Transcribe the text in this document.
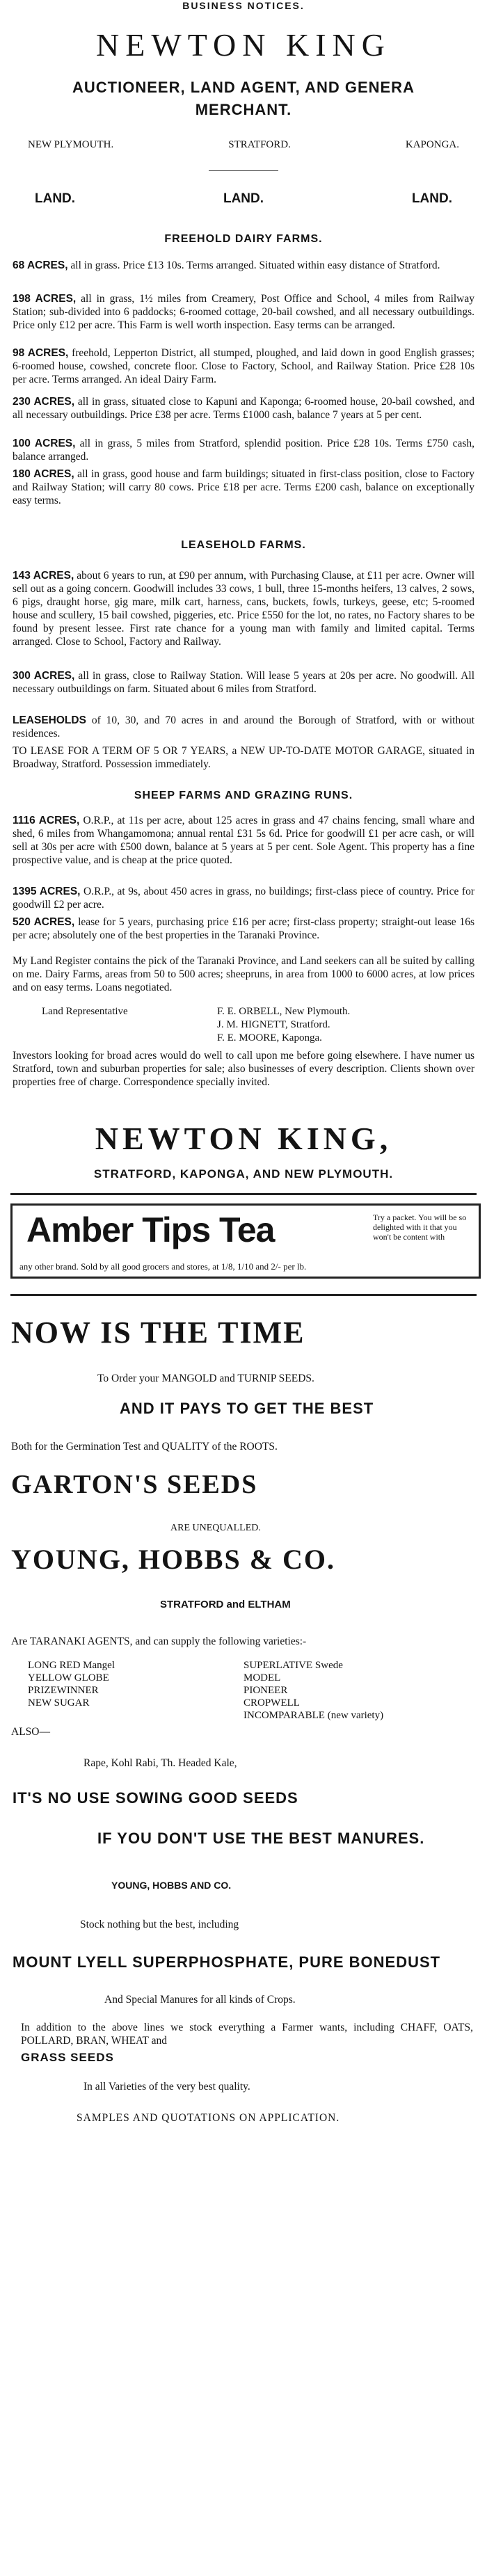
BUSINESS NOTICES.
NEWTON KING
AUCTIONEER, LAND AGENT, AND GENERA
MERCHANT.
NEW PLYMOUTH.	STRATFORD.	KAPONGA.
LAND.	LAND.	LAND.
FREEHOLD DAIRY FARMS.
68 ACRES, all in grass. Price £13 10s. Terms arranged. Situated within easy distance of Stratford.
198 ACRES, all in grass, 1½ miles from Creamery, Post Office and School, 4 miles from Railway Station; sub-divided into 6 paddocks; 6-roomed cottage, 20-bail cowshed, and all necessary outbuildings. Price only £12 per acre. This Farm is well worth inspection. Easy terms can be arranged.
98 ACRES, freehold, Lepperton District, all stumped, ploughed, and laid down in good English grasses; 6-roomed house, cowshed, concrete floor. Close to Factory, School, and Railway Station. Price £28 10s per acre. Terms arranged. An ideal Dairy Farm.
230 ACRES, all in grass, situated close to Kapuni and Kaponga; 6-roomed house, 20-bail cowshed, and all necessary outbuildings. Price £38 per acre. Terms £1000 cash, balance 7 years at 5 per cent.
100 ACRES, all in grass, 5 miles from Stratford, splendid position. Price £28 10s. Terms £750 cash, balance arranged.
180 ACRES, all in grass, good house and farm buildings; situated in first-class position, close to Factory and Railway Station; will carry 80 cows. Price £18 per acre. Terms £200 cash, balance on exceptionally easy terms.
LEASEHOLD FARMS.
143 ACRES, about 6 years to run, at £90 per annum, with Purchasing Clause, at £11 per acre. Owner will sell out as a going concern. Goodwill includes 33 cows, 1 bull, three 15-months heifers, 13 calves, 2 sows, 6 pigs, draught horse, gig mare, milk cart, harness, cans, buckets, fowls, turkeys, geese, etc; 5-roomed house and scullery, 15 bail cowshed, piggeries, etc. Price £550 for the lot, no rates, no Factory shares to be found by present lessee. First rate chance for a young man with family and limited capital. Terms arranged. Close to School, Factory and Railway.
300 ACRES, all in grass, close to Railway Station. Will lease 5 years at 20s per acre. No goodwill. All necessary outbuildings on farm. Situated about 6 miles from Stratford.
LEASEHOLDS of 10, 30, and 70 acres in and around the Borough of Stratford, with or without residences.
TO LEASE FOR A TERM OF 5 OR 7 YEARS, a NEW UP-TO-DATE MOTOR GARAGE, situated in Broadway, Stratford. Possession immediately.
SHEEP FARMS AND GRAZING RUNS.
1116 ACRES, O.R.P., at 11s per acre, about 125 acres in grass and 47 chains fencing, small whare and shed, 6 miles from Whangamomona; annual rental £31 5s 6d. Price for goodwill £1 per acre cash, or will sell at 30s per acre with £500 down, balance at 5 years at 5 per cent. Sole Agent. This property has a fine prospective value, and is cheap at the price quoted.
1395 ACRES, O.R.P., at 9s, about 450 acres in grass, no buildings; first-class piece of country. Price for goodwill £2 per acre.
520 ACRES, lease for 5 years, purchasing price £16 per acre; first-class property; straight-out lease 16s per acre; absolutely one of the best properties in the Taranaki Province.
My Land Register contains the pick of the Taranaki Province, and Land seekers can all be suited by calling on me. Dairy Farms, areas from 50 to 500 acres; sheepruns, in area from 1000 to 6000 acres, at low prices and on easy terms. Loans negotiated.
Land Representative	F. E. ORBELL, New Plymouth.
J. M. HIGNETT, Stratford.
F. E. MOORE, Kaponga.
Investors looking for broad acres would do well to call upon me before going elsewhere. I have numer us Stratford, town and suburban properties for sale; also businesses of every description. Clients shown over properties free of charge. Correspondence specially invited.
NEWTON KING,
STRATFORD, KAPONGA, AND NEW PLYMOUTH.
Amber Tips Tea	Try a packet. You will be so delighted with it that you won't be content with
any other brand. Sold by all good grocers and stores, at 1/8, 1/10 and 2/- per lb.
NOW IS THE TIME
To Order your MANGOLD and TURNIP SEEDS.
AND IT PAYS TO GET THE BEST
Both for the Germination Test and QUALITY of the ROOTS.
GARTON'S SEEDS
ARE UNEQUALLED.
YOUNG, HOBBS & CO.
STRATFORD and ELTHAM
Are TARANAKI AGENTS, and can supply the following varieties:-
LONG RED Mangel
YELLOW GLOBE
PRIZEWINNER
NEW SUGAR
SUPERLATIVE Swede
MODEL
PIONEER
CROPWELL
INCOMPARABLE (new variety)
ALSO—
Rape, Kohl Rabi, Th. Headed Kale,
IT'S NO USE SOWING GOOD SEEDS
IF YOU DON'T USE THE BEST MANURES.
YOUNG, HOBBS AND CO.
Stock nothing but the best, including
MOUNT LYELL SUPERPHOSPHATE, PURE BONEDUST
And Special Manures for all kinds of Crops.
In addition to the above lines we stock everything a Farmer wants, including CHAFF, OATS, POLLARD, BRAN, WHEAT and
GRASS SEEDS
In all Varieties of the very best quality.
SAMPLES AND QUOTATIONS ON APPLICATION.
